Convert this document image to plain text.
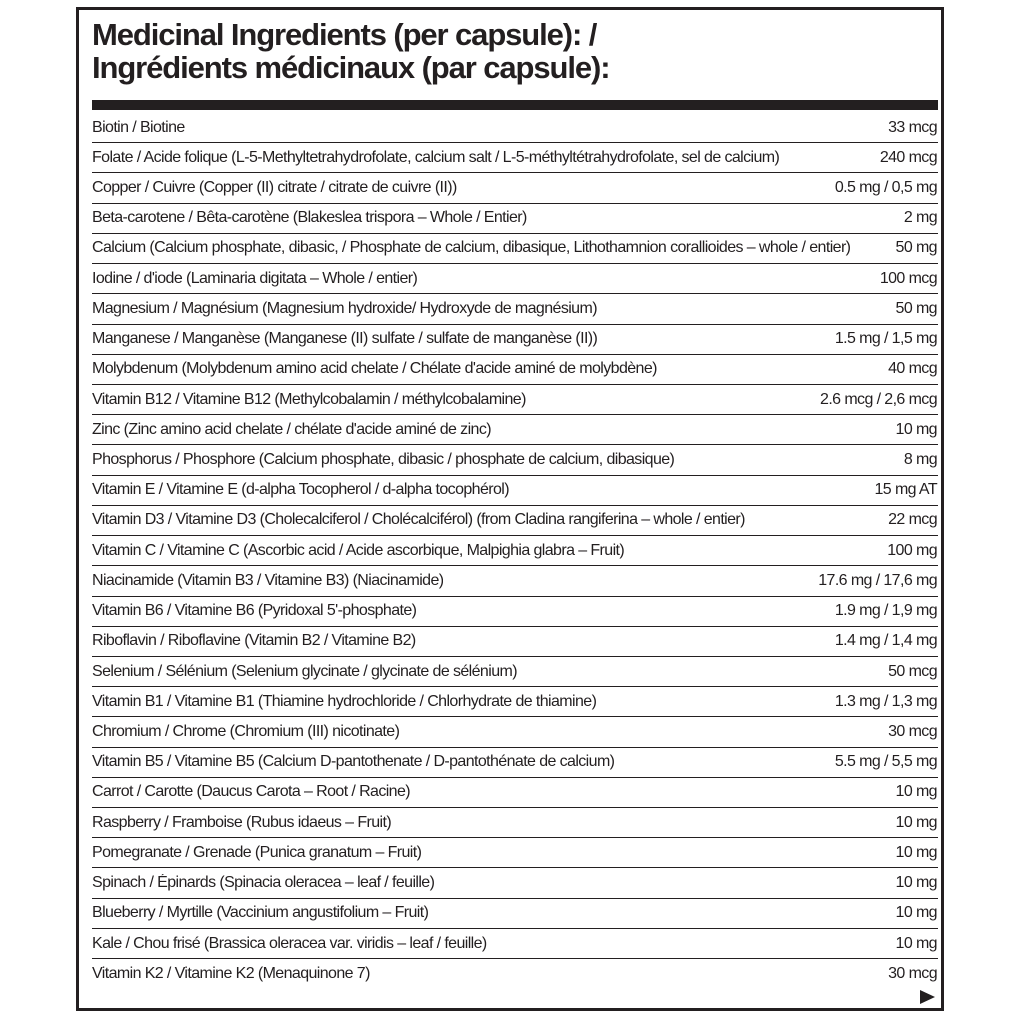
Medicinal Ingredients (per capsule): /
Ingrédients médicinaux (par capsule):
Biotin / Biotine	33 mcg
Folate / Acide folique (L-5-Methyltetrahydrofolate, calcium salt / L-5-méthyltétrahydrofolate, sel de calcium)	240 mcg
Copper / Cuivre (Copper (II) citrate / citrate de cuivre (II))	0.5 mg / 0,5 mg
Beta-carotene / Bêta-carotène (Blakeslea trispora – Whole / Entier)	2 mg
Calcium (Calcium phosphate, dibasic, / Phosphate de calcium, dibasique, Lithothamnion corallioides – whole / entier)	50 mg
Iodine / d'iode (Laminaria digitata – Whole / entier)	100 mcg
Magnesium / Magnésium (Magnesium hydroxide/ Hydroxyde de magnésium)	50 mg
Manganese / Manganèse (Manganese (II) sulfate / sulfate de manganèse (II))	1.5 mg / 1,5 mg
Molybdenum (Molybdenum amino acid chelate / Chélate d'acide aminé de molybdène)	40 mcg
Vitamin B12 / Vitamine B12 (Methylcobalamin / méthylcobalamine)	2.6 mcg / 2,6 mcg
Zinc (Zinc amino acid chelate / chélate d'acide aminé de zinc)	10 mg
Phosphorus / Phosphore (Calcium phosphate, dibasic / phosphate de calcium, dibasique)	8 mg
Vitamin E / Vitamine E (d-alpha Tocopherol / d-alpha tocophérol)	15 mg AT
Vitamin D3 / Vitamine D3 (Cholecalciferol / Cholécalciférol) (from Cladina rangiferina – whole / entier)	22 mcg
Vitamin C / Vitamine C (Ascorbic acid / Acide ascorbique, Malpighia glabra – Fruit)	100 mg
Niacinamide (Vitamin B3 / Vitamine B3) (Niacinamide)	17.6 mg / 17,6 mg
Vitamin B6 / Vitamine B6 (Pyridoxal 5'-phosphate)	1.9 mg / 1,9 mg
Riboflavin / Riboflavine (Vitamin B2 / Vitamine B2)	1.4 mg / 1,4 mg
Selenium / Sélénium (Selenium glycinate / glycinate de sélénium)	50 mcg
Vitamin B1 / Vitamine B1 (Thiamine hydrochloride / Chlorhydrate de thiamine)	1.3 mg / 1,3 mg
Chromium / Chrome (Chromium (III) nicotinate)	30 mcg
Vitamin B5 / Vitamine B5 (Calcium D-pantothenate / D-pantothénate de calcium)	5.5 mg / 5,5 mg
Carrot / Carotte (Daucus Carota – Root / Racine)	10 mg
Raspberry / Framboise (Rubus idaeus – Fruit)	10 mg
Pomegranate / Grenade (Punica granatum – Fruit)	10 mg
Spinach / Épinards (Spinacia oleracea – leaf / feuille)	10 mg
Blueberry / Myrtille (Vaccinium angustifolium – Fruit)	10 mg
Kale / Chou frisé (Brassica oleracea var. viridis – leaf / feuille)	10 mg
Vitamin K2 / Vitamine K2 (Menaquinone 7)	30 mcg
